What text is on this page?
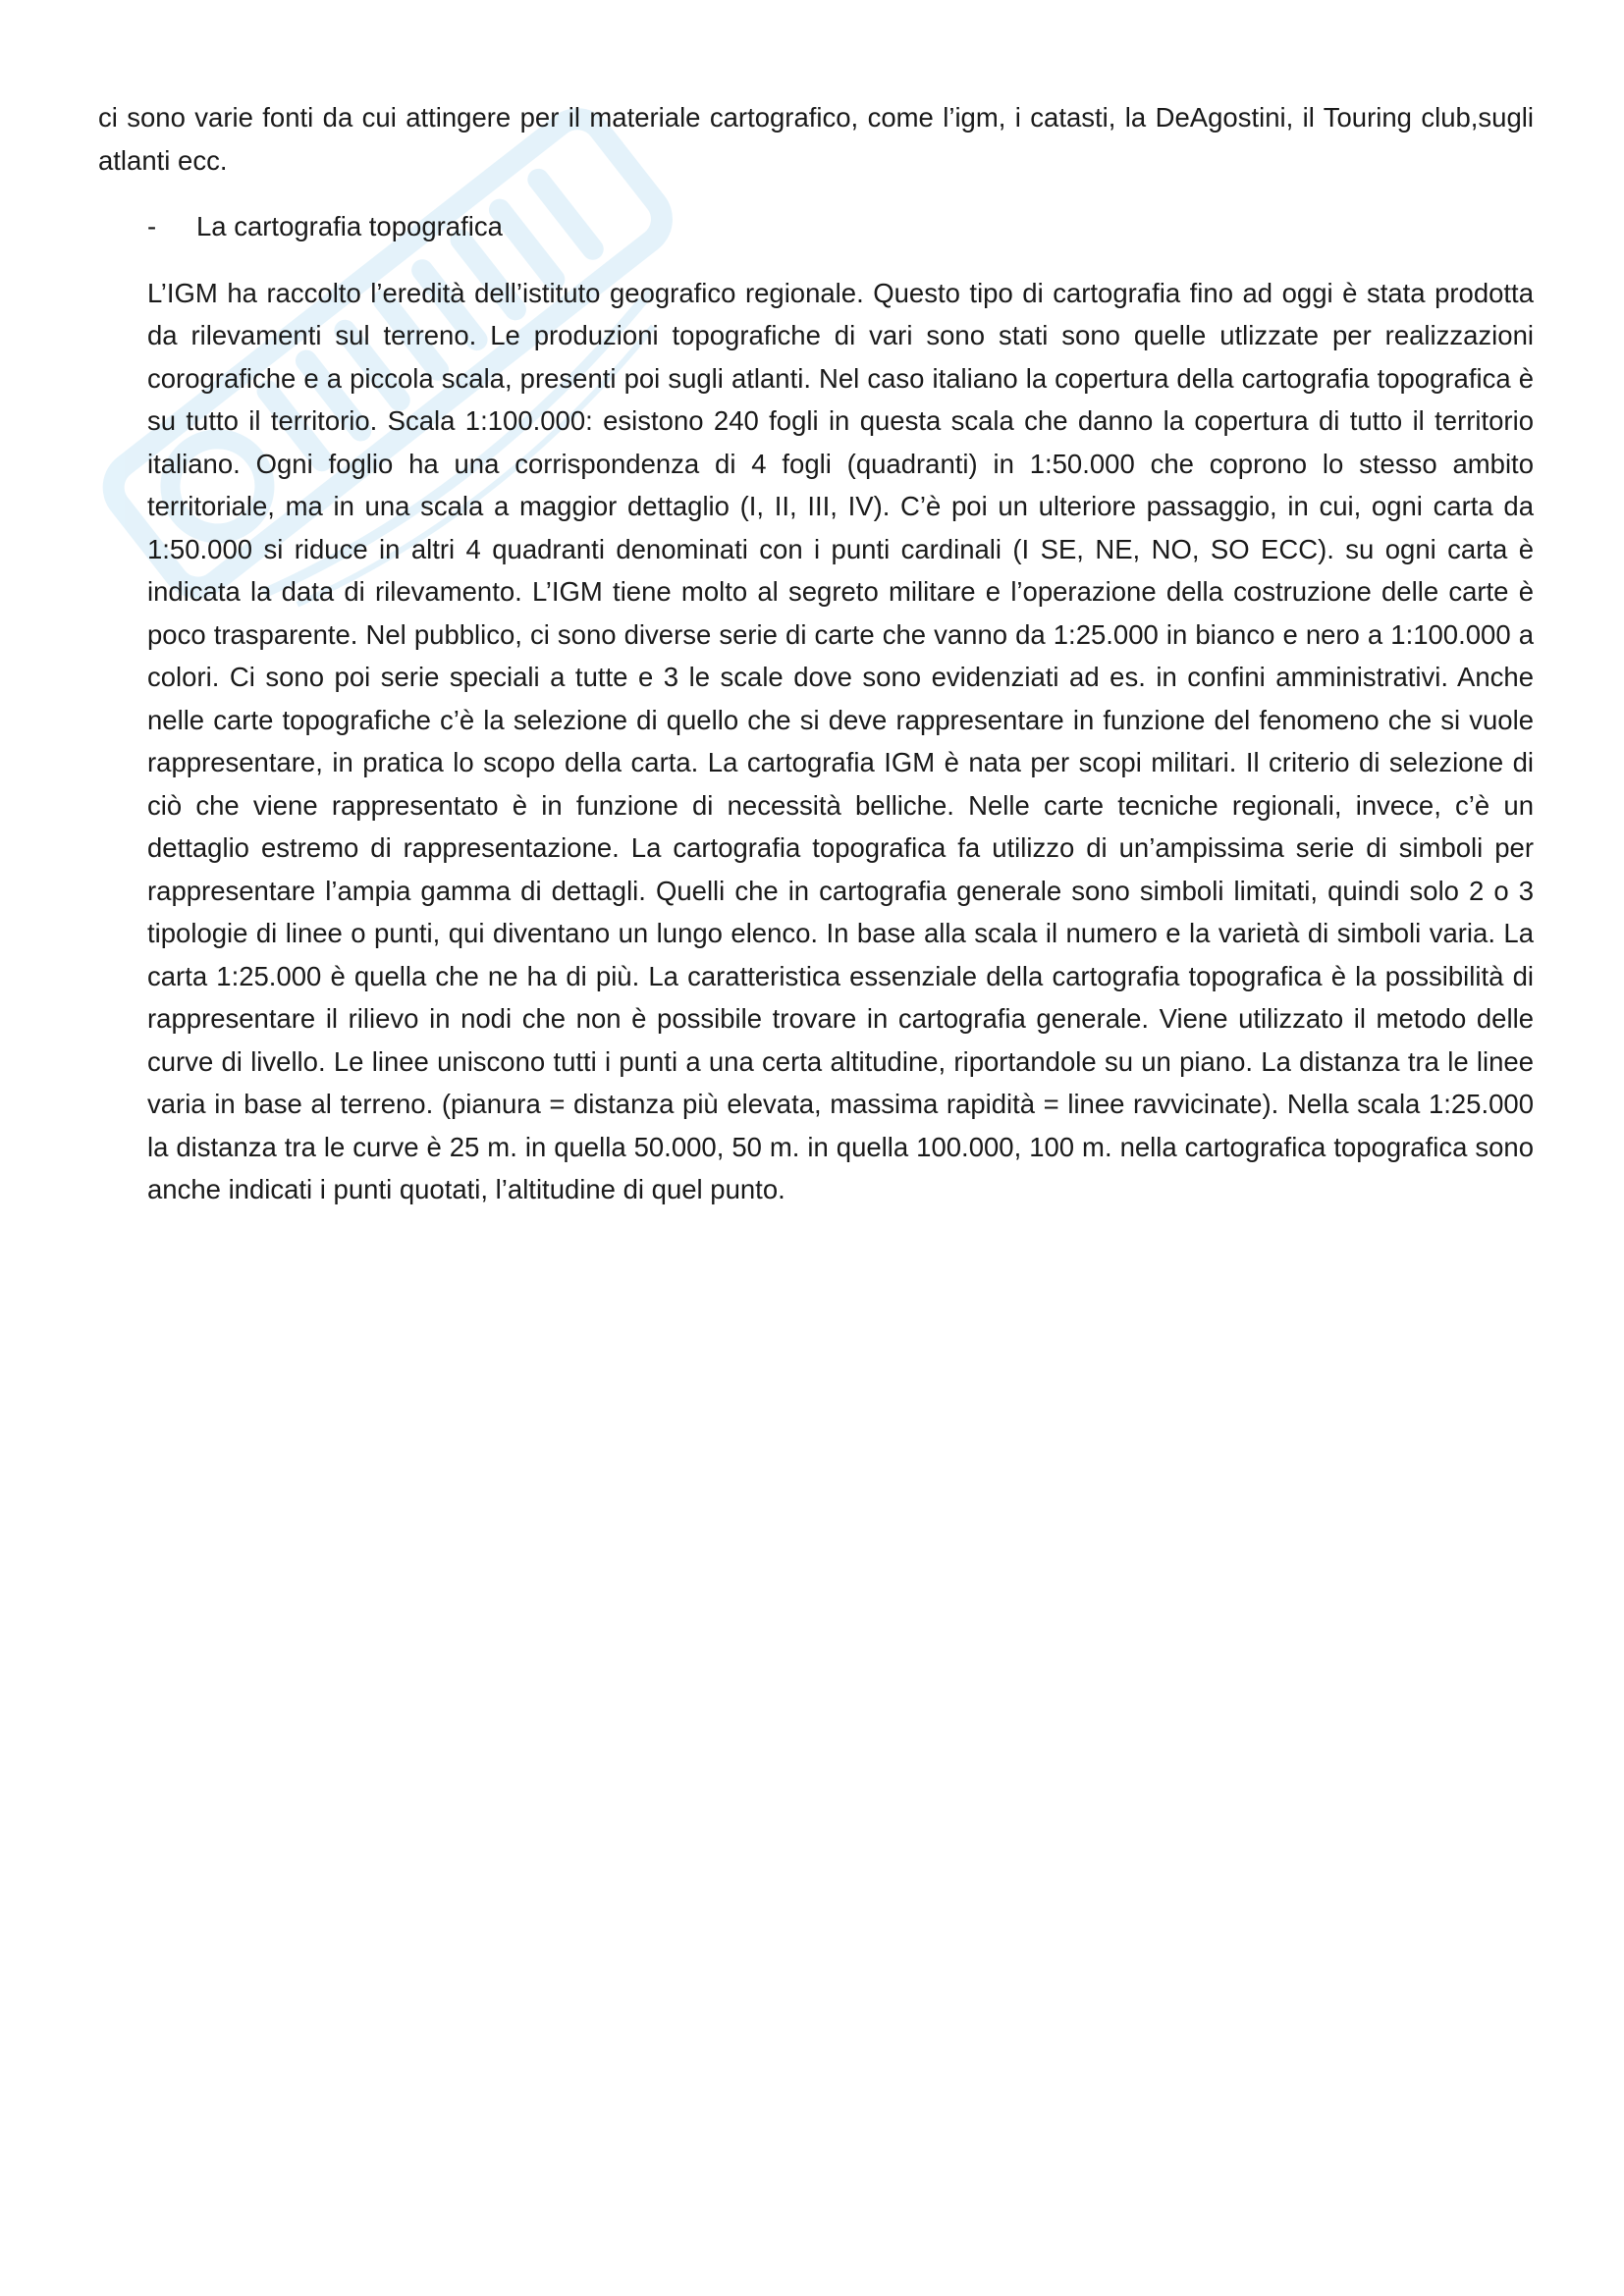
ci sono varie fonti da cui attingere per il materiale cartografico, come l’igm, i catasti, la DeAgostini, il Touring club,sugli atlanti ecc.

-	La cartografia topografica

L’IGM ha raccolto l’eredità dell’istituto geografico regionale. Questo tipo di cartografia fino ad oggi è stata prodotta da rilevamenti sul terreno. Le produzioni topografiche di vari sono stati sono quelle utlizzate per realizzazioni corografiche e a piccola scala, presenti poi sugli atlanti. Nel caso italiano la copertura della cartografia topografica è su tutto il territorio. Scala 1:100.000: esistono 240 fogli in questa scala che danno la copertura di tutto il territorio italiano. Ogni foglio ha una corrispondenza di 4 fogli (quadranti) in 1:50.000 che coprono lo stesso ambito territoriale, ma in una scala a maggior dettaglio (I, II, III, IV). C’è poi un ulteriore passaggio, in cui, ogni carta da 1:50.000 si riduce in altri 4 quadranti denominati con i punti cardinali (I SE, NE, NO, SO ECC). su ogni carta è indicata la data di rilevamento. L’IGM tiene molto al segreto militare e l’operazione della costruzione delle carte è poco trasparente. Nel pubblico, ci sono diverse serie di carte che vanno da 1:25.000 in bianco e nero a 1:100.000 a colori. Ci sono poi serie speciali a tutte e 3 le scale dove sono evidenziati ad es. in confini amministrativi. Anche nelle carte topografiche c’è la selezione di quello che si deve rappresentare in funzione del fenomeno che si vuole rappresentare, in pratica lo scopo della carta. La cartografia IGM è nata per scopi militari. Il criterio di selezione di ciò che viene rappresentato è in funzione di necessità belliche. Nelle carte tecniche regionali, invece, c’è un dettaglio estremo di rappresentazione. La cartografia topografica fa utilizzo di un’ampissima serie di simboli per rappresentare l’ampia gamma di dettagli. Quelli che in cartografia generale sono simboli limitati, quindi solo 2 o 3 tipologie di linee o punti, qui diventano un lungo elenco. In base alla scala il numero e la varietà di simboli varia. La carta 1:25.000 è quella che ne ha di più. La caratteristica essenziale della cartografia topografica è la possibilità di rappresentare il rilievo in nodi che non è possibile trovare in cartografia generale. Viene utilizzato il metodo delle curve di livello. Le linee uniscono tutti i punti a una certa altitudine, riportandole su un piano. La distanza tra le linee varia in base al terreno. (pianura = distanza più elevata, massima rapidità = linee ravvicinate). Nella scala 1:25.000 la distanza tra le curve è 25 m. in quella 50.000, 50 m. in quella 100.000, 100 m. nella cartografica topografica sono anche indicati i punti quotati, l’altitudine di quel punto.
